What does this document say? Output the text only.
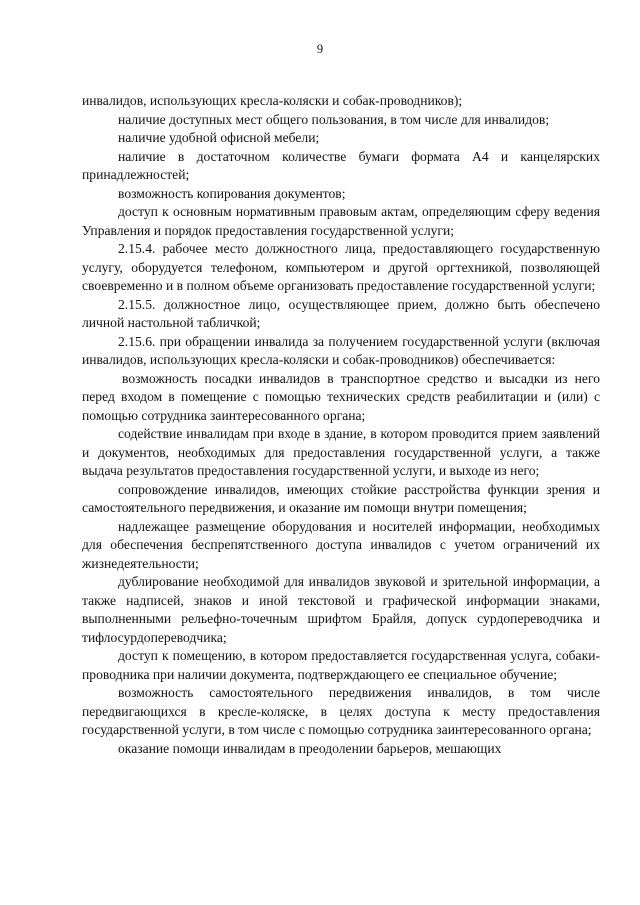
9

инвалидов, использующих кресла-коляски и собак-проводников);

наличие доступных мест общего пользования, в том числе для инвалидов;

наличие удобной офисной мебели;

наличие в достаточном количестве бумаги формата А4 и канцелярских принадлежностей;

возможность копирования документов;

доступ к основным нормативным правовым актам, определяющим сферу ведения Управления и порядок предоставления государственной услуги;

2.15.4. рабочее место должностного лица, предоставляющего государственную услугу, оборудуется телефоном, компьютером и другой оргтехникой, позволяющей своевременно и в полном объеме организовать предоставление государственной услуги;

2.15.5. должностное лицо, осуществляющее прием, должно быть обеспечено личной настольной табличкой;

2.15.6. при обращении инвалида за получением государственной услуги (включая инвалидов, использующих кресла-коляски и собак-проводников) обеспечивается:

возможность посадки инвалидов в транспортное средство и высадки из него перед входом в помещение с помощью технических средств реабилитации и (или) с помощью сотрудника заинтересованного органа;

содействие инвалидам при входе в здание, в котором проводится прием заявлений и документов, необходимых для предоставления государственной услуги, а также выдача результатов предоставления государственной услуги, и выходе из него;

сопровождение инвалидов, имеющих стойкие расстройства функции зрения и самостоятельного передвижения, и оказание им помощи внутри помещения;

надлежащее размещение оборудования и носителей информации, необходимых для обеспечения беспрепятственного доступа инвалидов с учетом ограничений их жизнедеятельности;

дублирование необходимой для инвалидов звуковой и зрительной информации, а также надписей, знаков и иной текстовой и графической информации знаками, выполненными рельефно-точечным шрифтом Брайля, допуск сурдопереводчика и тифлосурдопереводчика;

доступ к помещению, в котором предоставляется государственная услуга, собаки-проводника при наличии документа, подтверждающего ее специальное обучение;

возможность самостоятельного передвижения инвалидов, в том числе передвигающихся в кресле-коляске, в целях доступа к месту предоставления государственной услуги, в том числе с помощью сотрудника заинтересованного органа;

оказание помощи инвалидам в преодолении барьеров, мешающих
